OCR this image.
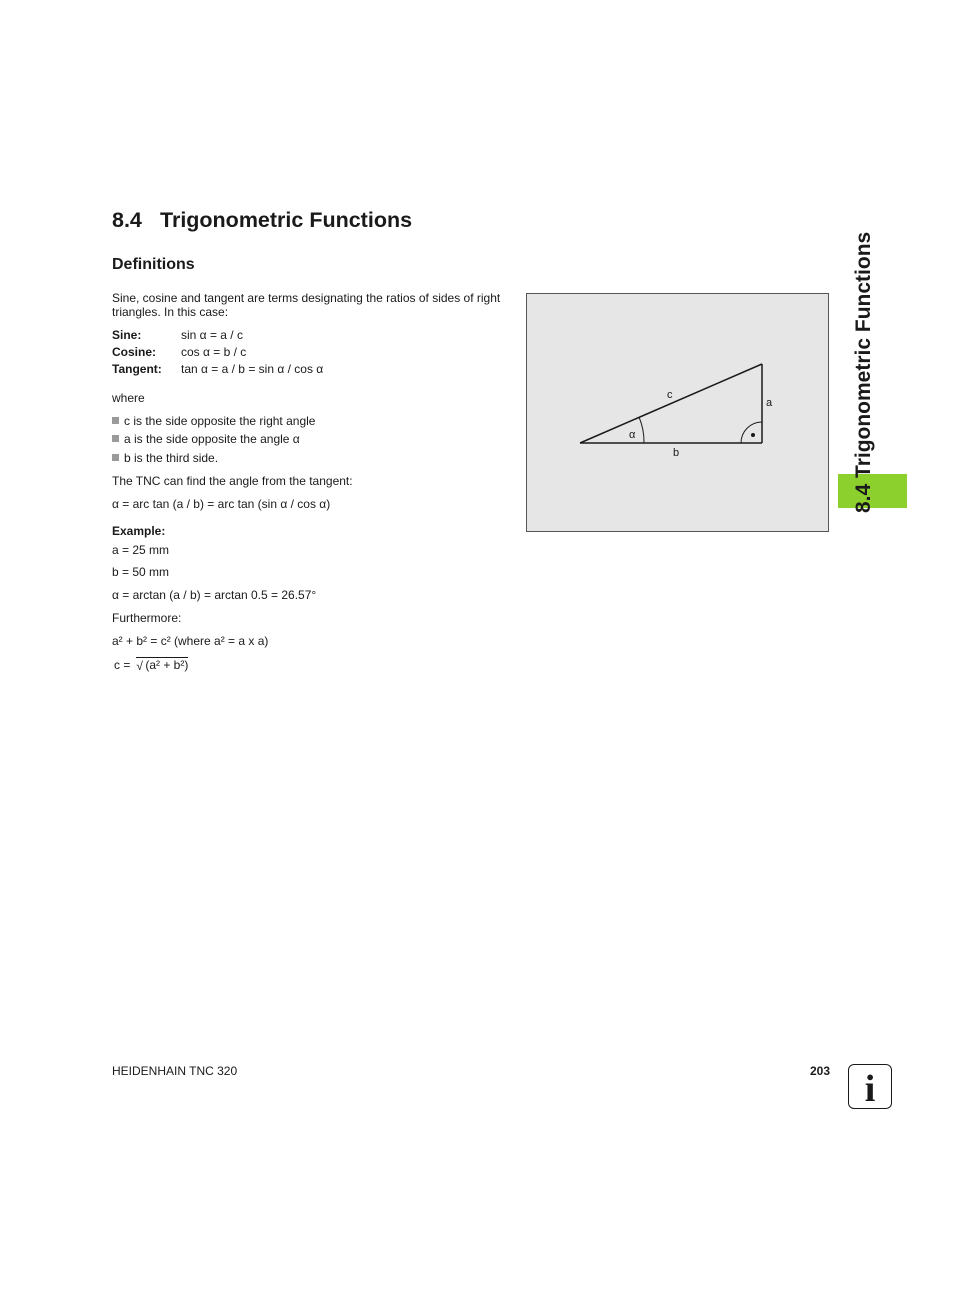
8.4 Trigonometric Functions
Definitions
Sine, cosine and tangent are terms designating the ratios of sides of right triangles. In this case:
Sine:	sin α = a / c
Cosine: cos α = b / c
Tangent: tan α = a / b = sin α / cos α
where
c is the side opposite the right angle
a is the side opposite the angle α
b is the third side.
The TNC can find the angle from the tangent:
α = arc tan (a / b) = arc tan (sin α / cos α)
Example:
a = 25 mm
b = 50 mm
α = arctan (a / b) = arctan 0.5 = 26.57°
Furthermore:
a² + b² = c² (where a² = a x a)
c = √ (a² + b²)
c
a
b
α	8.4 Trigonometric Functions
HEIDENHAIN TNC 320	203 i
